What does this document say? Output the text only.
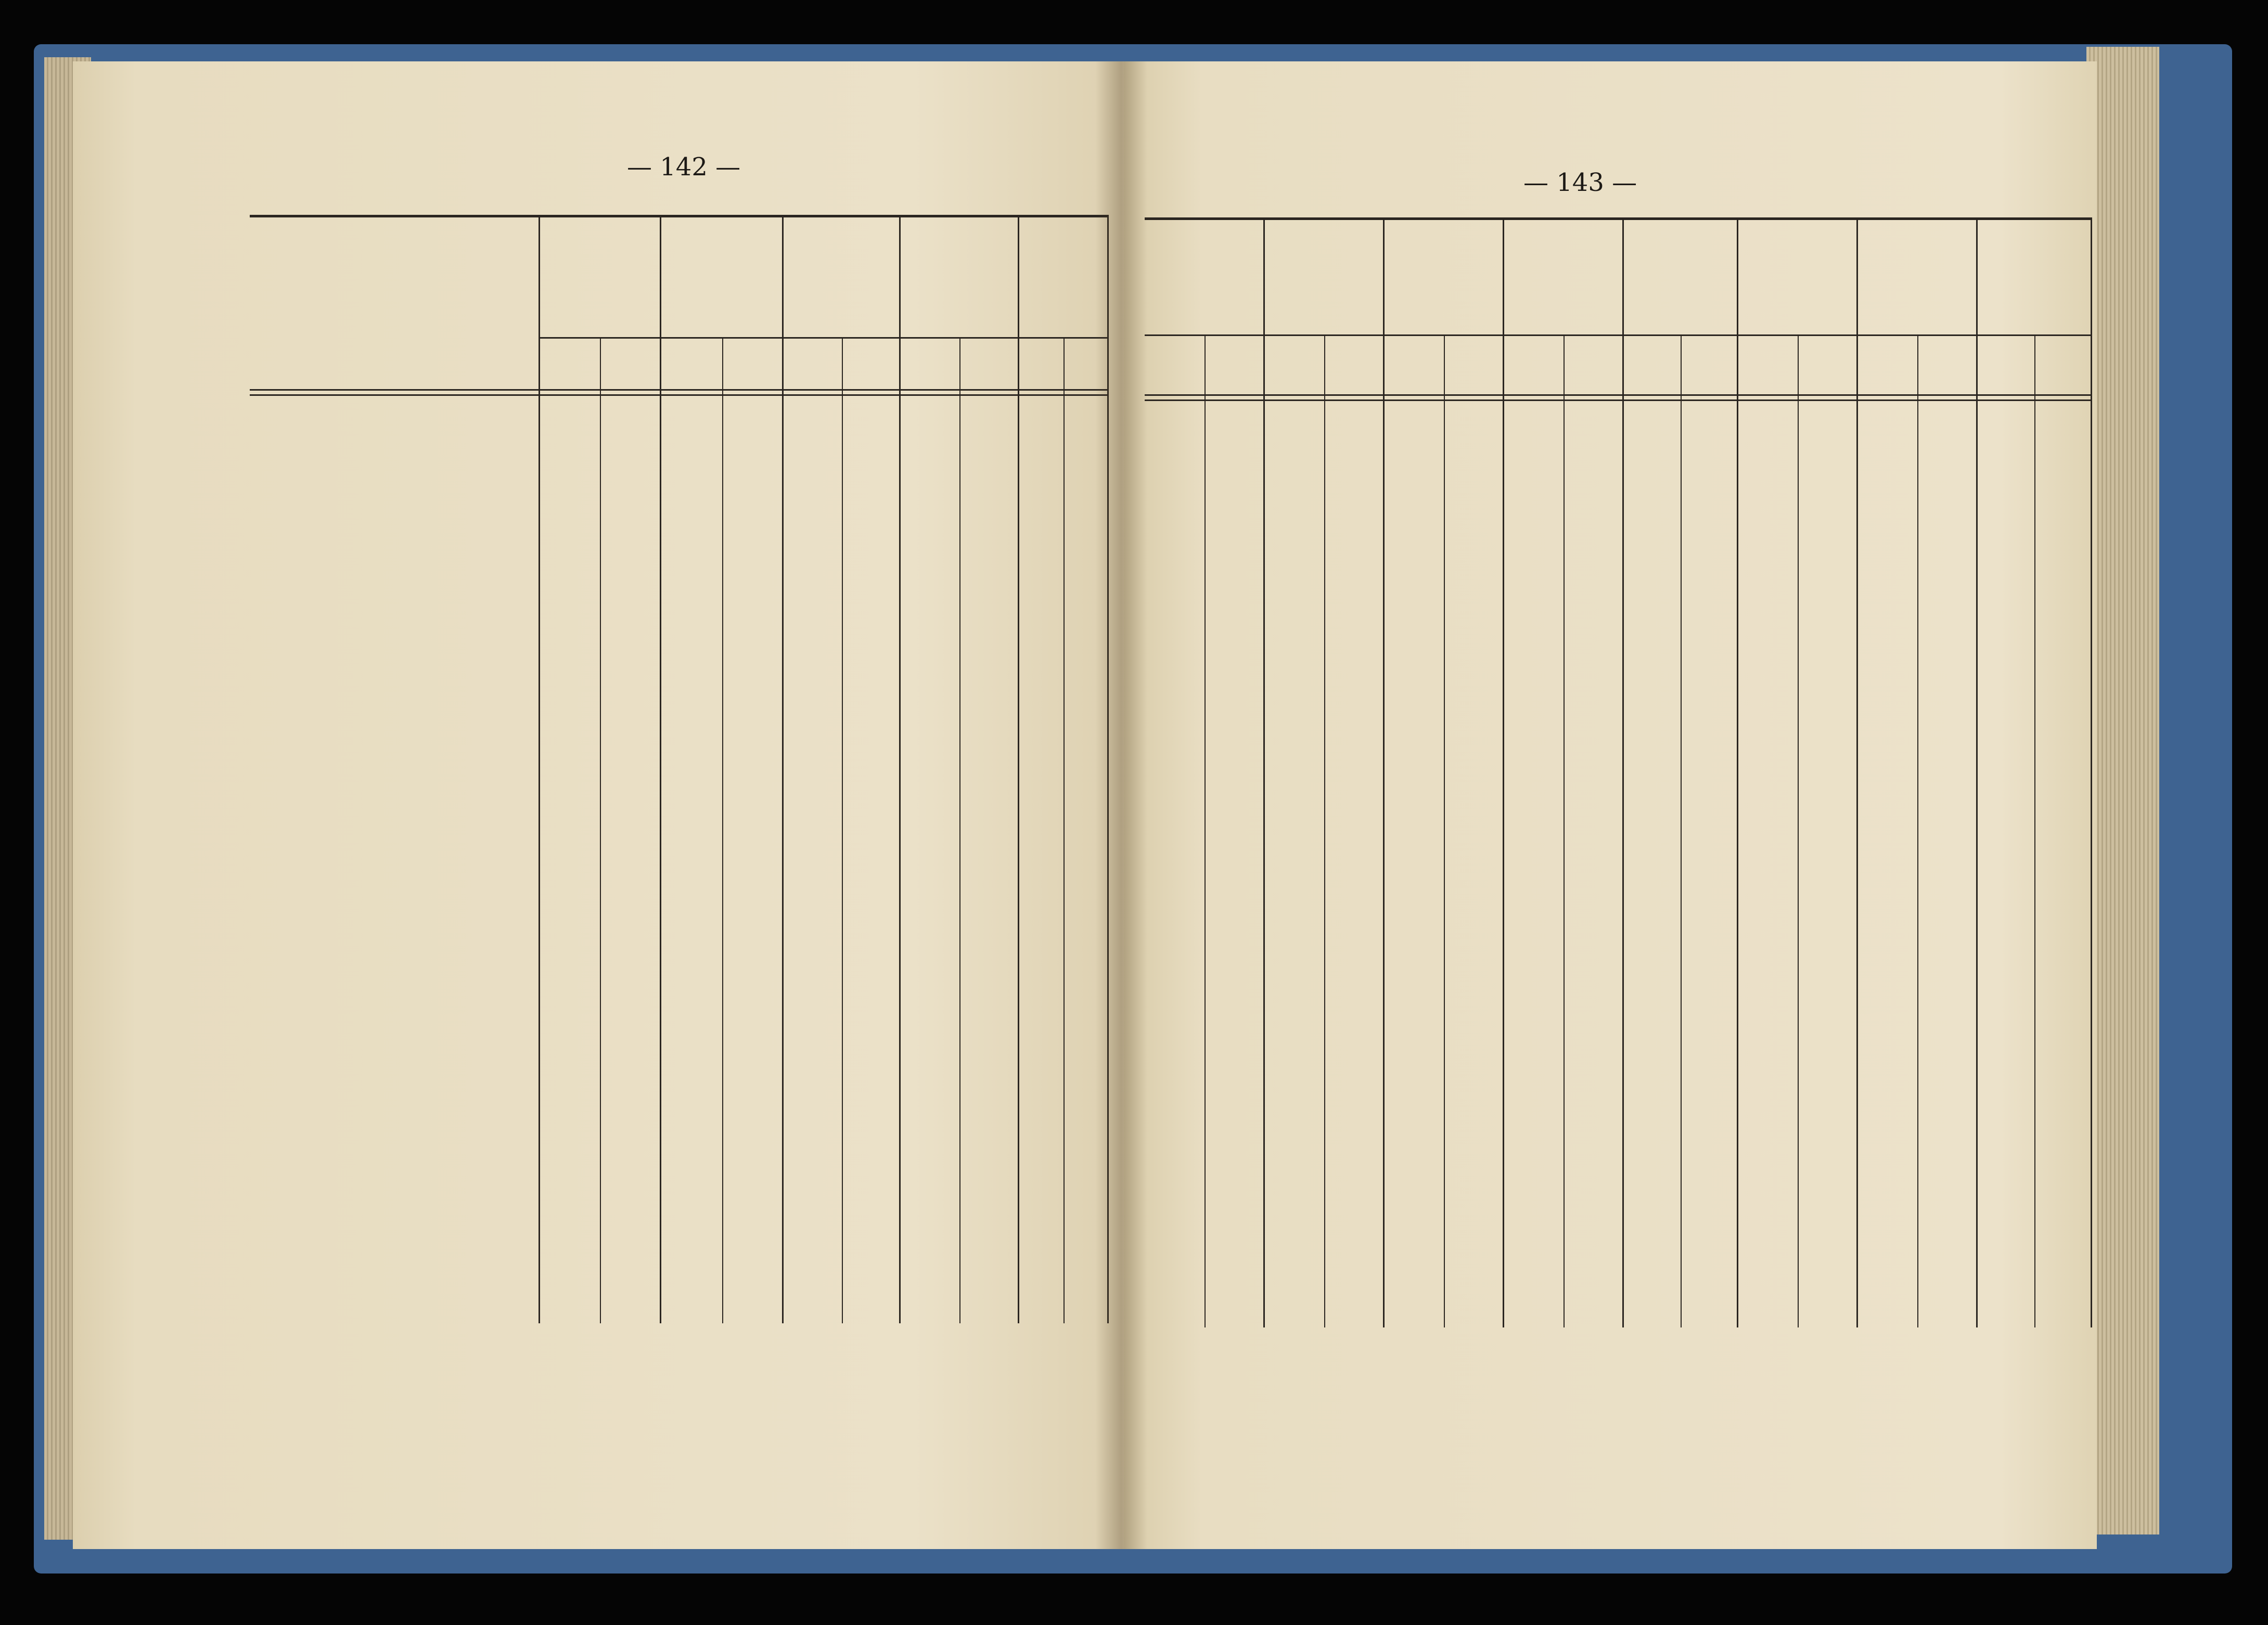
— 142 —
— 143 —
